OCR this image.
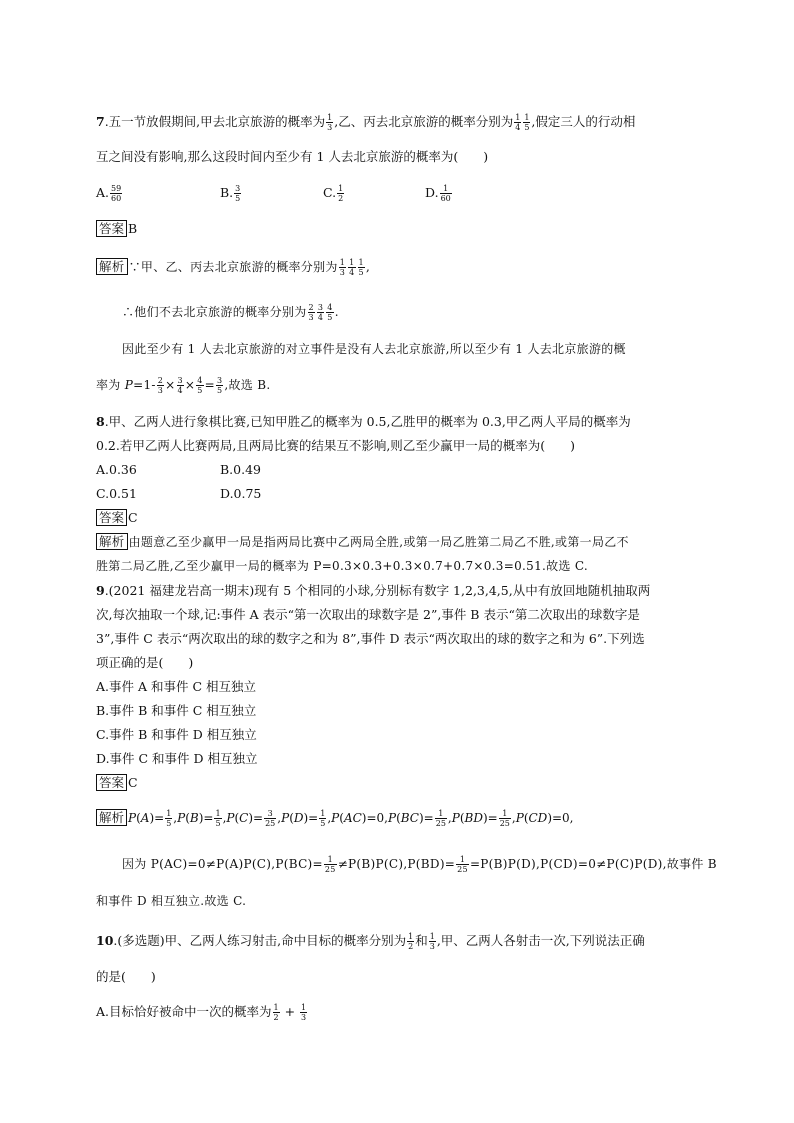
7.五一节放假期间,甲去北京旅游的概率为 $\frac{1}{3}$ ,乙、丙去北京旅游的概率分别为 $\frac{1}{4} \frac{1}{5}$ ,假定三人的行动相
互之间没有影响,那么这段时间内至少有 1 人去北京旅游的概率为(　　)
A. $\frac{59}{60}$	B. $\frac{3}{5}$	C. $\frac{1}{2}$	D. $\frac{1}{60}$
答案 B
解析 ∵甲、乙、丙去北京旅游的概率分别为 $\frac{1}{3} \frac{1}{4} \frac{1}{5}$ ,
∴他们不去北京旅游的概率分别为 $\frac{2}{3} \frac{3}{4} \frac{4}{5}$ .
因此至少有 1 人去北京旅游的对立事件是没有人去北京旅游,所以至少有 1 人去北京旅游的概
率为 $P=1- \frac{2}{3} \times \frac{3}{4} \times \frac{4}{5} = \frac{3}{5}$ ,故选 B.
8.甲、乙两人进行象棋比赛,已知甲胜乙的概率为 0.5,乙胜甲的概率为 0.3,甲乙两人平局的概率为
0.2.若甲乙两人比赛两局,且两局比赛的结果互不影响,则乙至少赢甲一局的概率为(　　)
A.0.36	B.0.49
C.0.51	D.0.75
答案 C
解析 由题意乙至少赢甲一局是指两局比赛中乙两局全胜,或第一局乙胜第二局乙不胜,或第一局乙不
胜第二局乙胜,乙至少赢甲一局的概率为 P=0.3×0.3+0.3×0.7+0.7×0.3=0.51.故选 C.
9.(2021 福建龙岩高一期末)现有 5 个相同的小球,分别标有数字 1,2,3,4,5,从中有放回地随机抽取两
次,每次抽取一个球,记:事件 A 表示“第一次取出的球数字是 2”,事件 B 表示“第二次取出的球数字是
3”,事件 C 表示“两次取出的球的数字之和为 8”,事件 D 表示“两次取出的球的数字之和为 6”.下列选
项正确的是(　　)
A.事件 A 和事件 C 相互独立
B.事件 B 和事件 C 相互独立
C.事件 B 和事件 D 相互独立
D.事件 C 和事件 D 相互独立
答案 C
解析 $P(A)= \frac{1}{5} ,P(B)= \frac{1}{5} ,P(C)= \frac{3}{25} ,P(D)= \frac{1}{5} ,P(AC)=0,P(BC)= \frac{1}{25} ,P(BD)= \frac{1}{25} ,P(CD)=0$,
因为 $P(AC)=0\ne P(A)P(C),P(BC)= \frac{1}{25} \ne P(B)P(C),P(BD)= \frac{1}{25} =P(B)P(D),P(CD)=0\ne P(C)P(D)$,故事件 B
和事件 D 相互独立.故选 C.
10.(多选题)甲、乙两人练习射击,命中目标的概率分别为 $\frac{1}{2}$ 和 $\frac{1}{3}$ ,甲、乙两人各射击一次,下列说法正确
的是(　　)
A.目标恰好被命中一次的概率为 $\frac{1}{2} + \frac{1}{3}$
